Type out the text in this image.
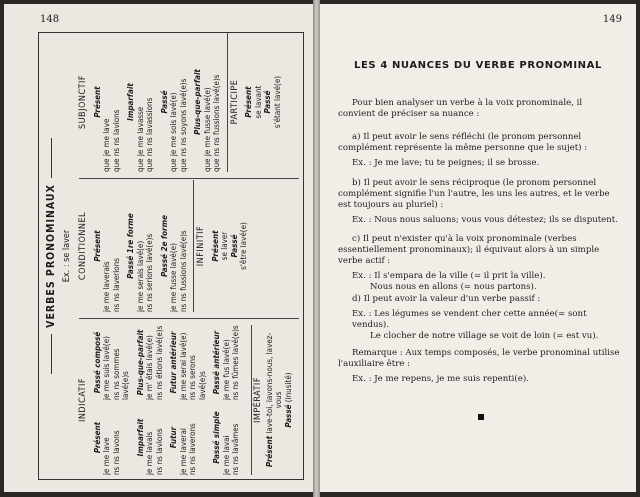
148
VERBES PRONOMINAUX Ex. : se laver
INDICATIF
Présent je me lave ns ns lavons
Passé composé je me suis lavé(e) ns ns sommes lavé(e)s
Imparfait je me lavais ns ns lavions
Plus-que-parfait je m' étais lavé(e) ns ns étions lavé(e)s
Futur je me laverai ns ns laverons
Futur antérieur je me serai lavé(e) ns ns serons lavé(e)s
Passé simple je me lavai ns ns lavâmes
Passé antérieur je me fus lavé(e) ns ns fûmes lavé(e)s
CONDITIONNEL Présent
je me laverais ns ns laverions
Passé 1re forme je me serais lavé(e) ns ns serions lavé(e)s Passé 2e forme je me fusse lavé(e) ns ns fussions lavé(e)s INFINITIF Présent se laver Passé s'être lavé(e)
SUBJONCTIF Présent
que je me lave que ns ns lavions
Imparfait
que je me lavasse que ns ns lavassions Passé que je me sois lavé(e) que ns ns soyons lavé(e)s Plus-que-parfait que je me fusse lavé(e) que ns ns fussions lavé(e)s PARTICIPE Présent se lavant Passé s'étant lavé(e)
IMPÉRATIF
Présent lave-toi, lavons-nous, lavez-vous
Passé (inusité)
149
LES 4 NUANCES DU VERBE PRONOMINAL

Pour bien analyser un verbe à la voix pronominale, il convient de préciser sa nuance :

a) Il peut avoir le sens réfléchi (le pronom personnel complément représente la même personne que le sujet) :

Ex. : Je me lave; tu te peignes; il se brosse.

b) Il peut avoir le sens réciproque (le pronom personnel complément signifie l'un l'autre, les uns les autres, et le verbe est toujours au pluriel) :

Ex. : Nous nous saluons; vous vous détestez; ils se disputent.

c) Il peut n'exister qu'à la voix pronominale (verbes essentiellement pronominaux); il équivaut alors à un simple verbe actif :

Ex. : Il s'empara de la ville (= il prit la ville).

Nous nous en allons (= nous partons).

d) Il peut avoir la valeur d'un verbe passif :

Ex. : Les légumes se vendent cher cette année(= sont vendus).

Le clocher de notre village se voit de loin (= est vu).

Remarque : Aux temps composés, le verbe pronominal utilise l'auxiliaire être :

Ex. : Je me repens, je me suis repenti(e).
